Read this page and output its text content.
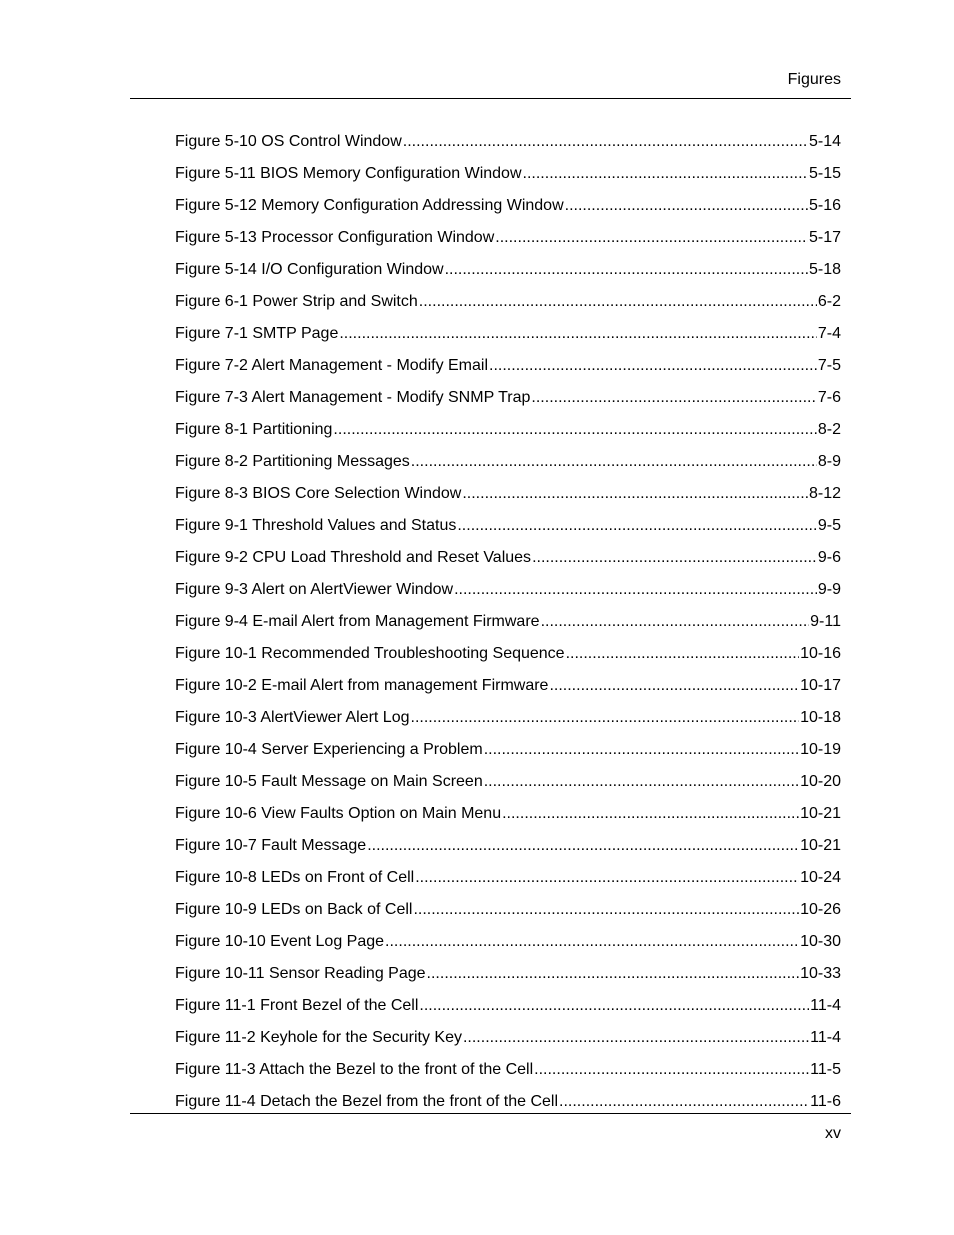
Figures
Figure 5-10 OS Control Window .....	5-14
Figure 5-11 BIOS Memory Configuration Window .....	5-15
Figure 5-12 Memory Configuration Addressing Window .....	5-16
Figure 5-13 Processor Configuration Window .....	5-17
Figure 5-14 I/O Configuration Window .....	5-18
Figure 6-1 Power Strip and Switch .....	6-2
Figure 7-1 SMTP Page .....	7-4
Figure 7-2 Alert Management - Modify Email .....	7-5
Figure 7-3 Alert Management - Modify SNMP Trap .....	7-6
Figure 8-1 Partitioning .....	8-2
Figure 8-2 Partitioning Messages .....	8-9
Figure 8-3 BIOS Core Selection Window .....	8-12
Figure 9-1 Threshold Values and Status .....	9-5
Figure 9-2 CPU Load Threshold and Reset Values .....	9-6
Figure 9-3 Alert on AlertViewer Window .....	9-9
Figure 9-4 E-mail Alert from Management Firmware .....	9-11
Figure 10-1 Recommended Troubleshooting Sequence .....	10-16
Figure 10-2 E-mail Alert from management Firmware .....	10-17
Figure 10-3 AlertViewer Alert Log .....	10-18
Figure 10-4 Server Experiencing a Problem .....	10-19
Figure 10-5 Fault Message on Main Screen .....	10-20
Figure 10-6 View Faults Option on Main Menu .....	10-21
Figure 10-7 Fault Message .....	10-21
Figure 10-8 LEDs on Front of Cell .....	10-24
Figure 10-9 LEDs on Back of Cell .....	10-26
Figure 10-10 Event Log Page .....	10-30
Figure 10-11 Sensor Reading Page .....	10-33
Figure 11-1 Front Bezel of the Cell .....	11-4
Figure 11-2 Keyhole for the Security Key .....	11-4
Figure 11-3 Attach the Bezel to the front of the Cell .....	11-5
Figure 11-4 Detach the Bezel from the front of the Cell .....	11-6
xv
